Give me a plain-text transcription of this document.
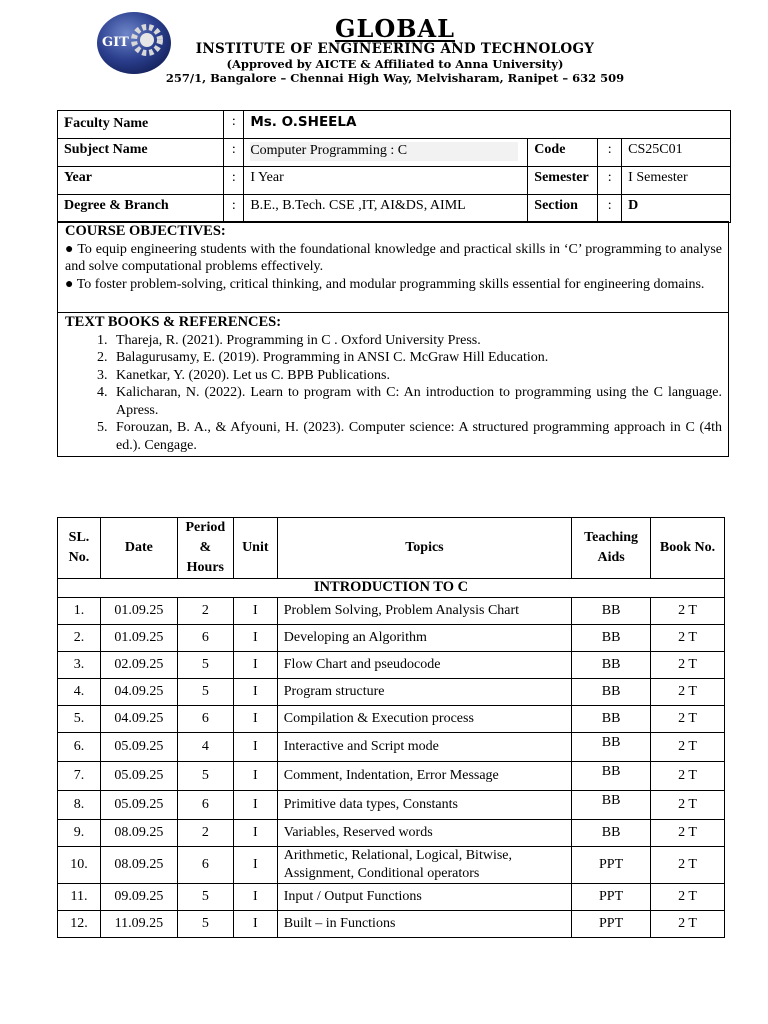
GIT	GLOBAL

INSTITUTE OF ENGINEERING AND TECHNOLOGY

(Approved by AICTE & Affiliated to Anna University)

257/1, Bangalore – Chennai High Way, Melvisharam, Ranipet – 632 509

Faculty Name	:	Ms. O.SHEELA			
Subject Name	:	Computer Programming : C	Code	:	CS25C01
Year	:	I Year	Semester	:	I Semester
Degree & Branch	:	B.E., B.Tech. CSE ,IT, AI&DS, AIML	Section	:	D
COURSE OBJECTIVES:

● To equip engineering students with the foundational knowledge and practical skills in ‘C’ programming to analyse and solve computational problems effectively.

● To foster problem-solving, critical thinking, and modular programming skills essential for engineering domains.

TEXT BOOKS & REFERENCES:
1. Thareja, R. (2021). Programming in C . Oxford University Press.
2. Balagurusamy, E. (2019). Programming in ANSI C. McGraw Hill Education.
3. Kanetkar, Y. (2020). Let us C. BPB Publications.
4. Kalicharan, N. (2022). Learn to program with C: An introduction to programming using the C language. Apress.
5. Forouzan, B. A., & Afyouni, H. (2023). Computer science: A structured programming approach in C (4th ed.). Cengage.
SL. No.	Date	Period & Hours	Unit	Topics	Teaching Aids	Book No.
INTRODUCTION TO C						
1.	01.09.25	2	I	Problem Solving, Problem Analysis Chart	BB	2 T
2.	01.09.25	6	I	Developing an Algorithm	BB	2 T
3.	02.09.25	5	I	Flow Chart and pseudocode	BB	2 T
4.	04.09.25	5	I	Program structure	BB	2 T
5.	04.09.25	6	I	Compilation & Execution process	BB	2 T
6.	05.09.25	4	I	Interactive and Script mode	BB	2 T
7.	05.09.25	5	I	Comment, Indentation, Error Message	BB	2 T
8.	05.09.25	6	I	Primitive data types, Constants	BB	2 T
9.	08.09.25	2	I	Variables, Reserved words	BB	2 T
10.	08.09.25	6	I	Arithmetic, Relational, Logical, Bitwise, Assignment, Conditional operators	PPT	2 T
11.	09.09.25	5	I	Input / Output Functions	PPT	2 T
12.	11.09.25	5	I	Built – in Functions	PPT	2 T
